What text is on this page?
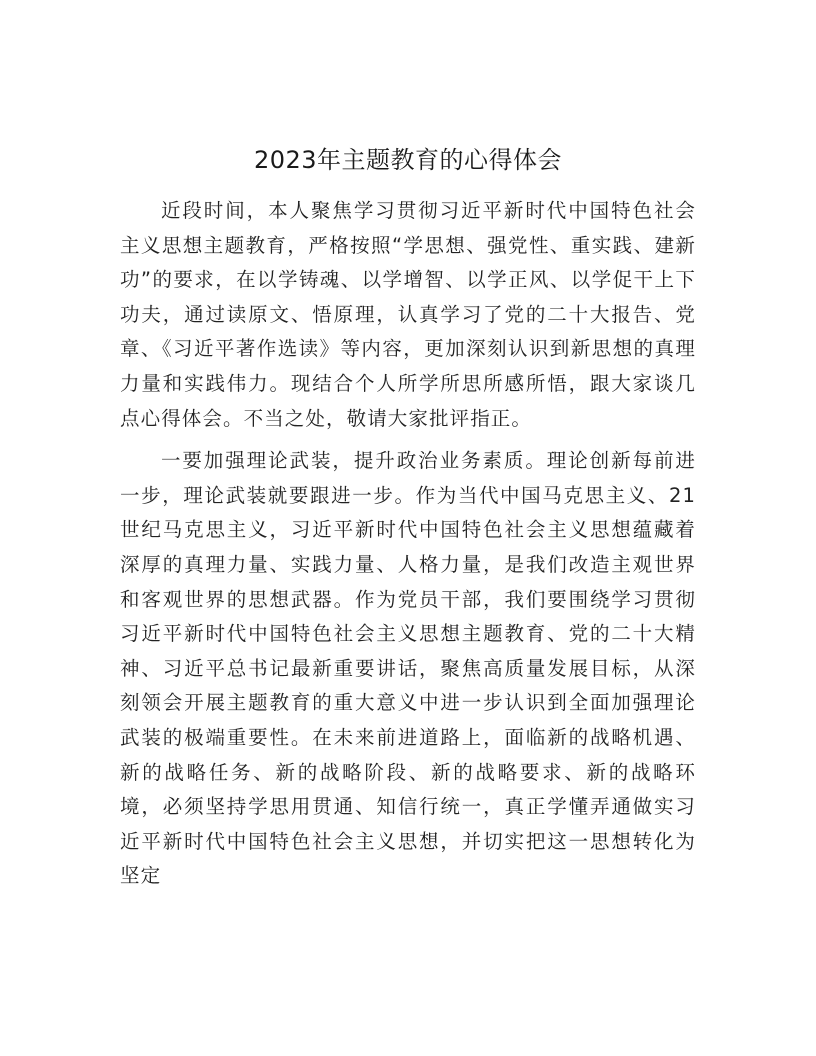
2023年主题教育的心得体会

近段时间，本人聚焦学习贯彻习近平新时代中国特色社会主义思想主题教育，严格按照“学思想、强党性、重实践、建新功”的要求，在以学铸魂、以学增智、以学正风、以学促干上下功夫，通过读原文、悟原理，认真学习了党的二十大报告、党章、《习近平著作选读》等内容，更加深刻认识到新思想的真理力量和实践伟力。现结合个人所学所思所感所悟，跟大家谈几点心得体会。不当之处，敬请大家批评指正。

一要加强理论武装，提升政治业务素质。理论创新每前进一步，理论武装就要跟进一步。作为当代中国马克思主义、21世纪马克思主义，习近平新时代中国特色社会主义思想蕴藏着深厚的真理力量、实践力量、人格力量，是我们改造主观世界和客观世界的思想武器。作为党员干部，我们要围绕学习贯彻习近平新时代中国特色社会主义思想主题教育、党的二十大精神、习近平总书记最新重要讲话，聚焦高质量发展目标，从深刻领会开展主题教育的重大意义中进一步认识到全面加强理论武装的极端重要性。在未来前进道路上，面临新的战略机遇、新的战略任务、新的战略阶段、新的战略要求、新的战略环境，必须坚持学思用贯通、知信行统一，真正学懂弄通做实习近平新时代中国特色社会主义思想，并切实把这一思想转化为坚定
